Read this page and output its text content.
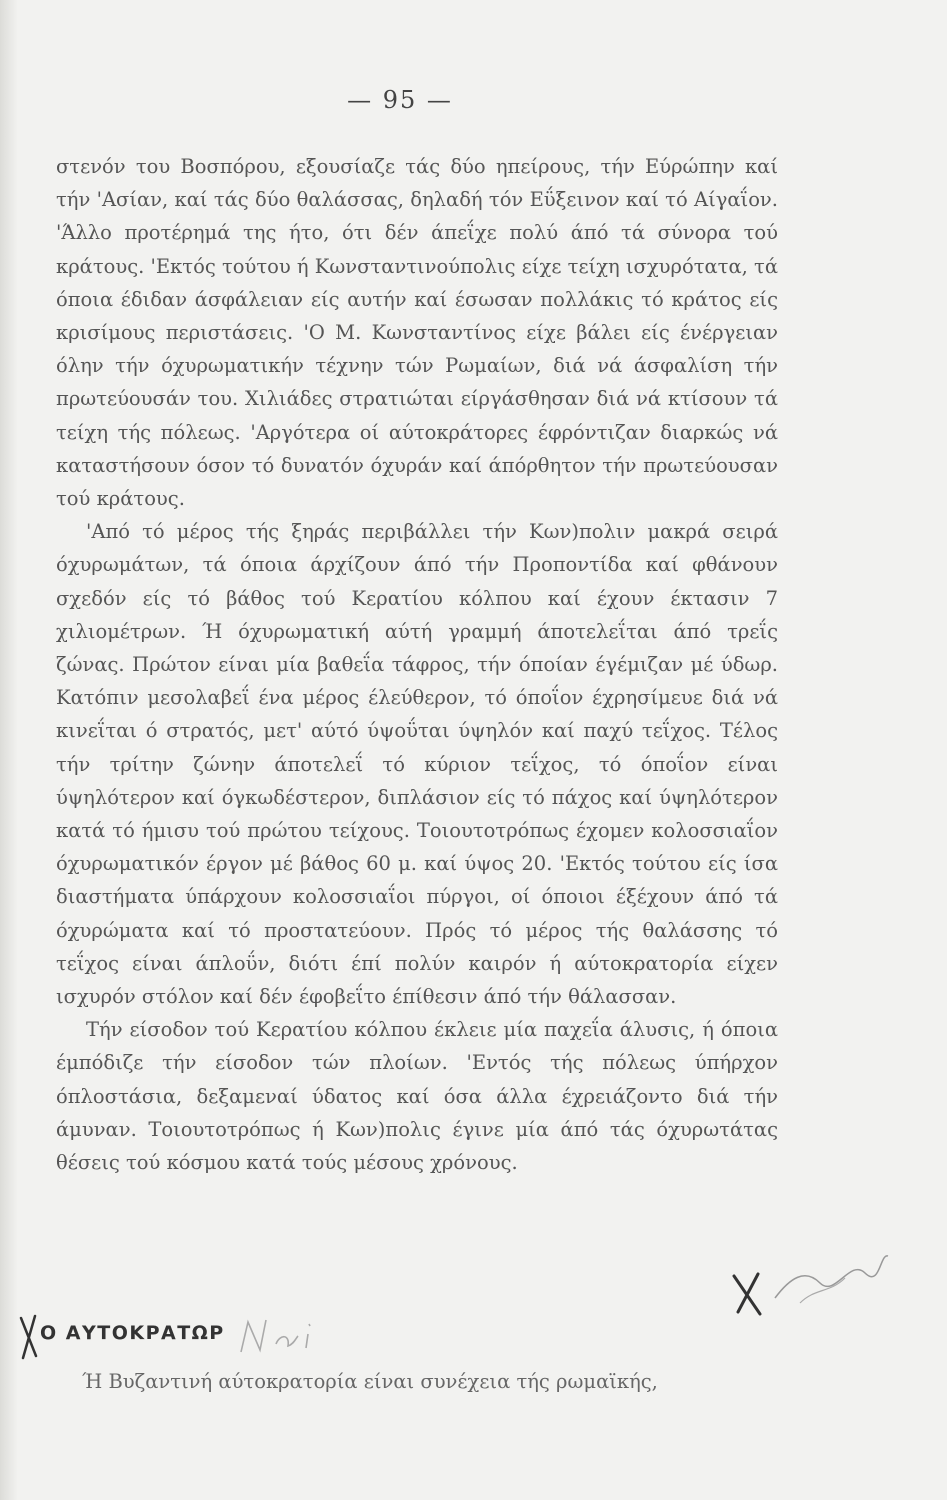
— 95 —

στενόν του Βοσπόρου, εξουσίαζε τάς δύο ηπείρους, τήν Εύρώπην καί τήν 'Ασίαν, καί τάς δύο θαλάσσας, δηλαδή τόν Εΰξεινον καί τό Αίγαΐον. 'Άλλο προτέρημά της ήτο, ότι δέν άπεΐχε πολύ άπό τά σύνορα τού κράτους. 'Εκτός τούτου ή Κωνσταντινούπολις είχε τείχη ισχυρότατα, τά όποια έδιδαν άσφάλειαν είς αυτήν καί έσωσαν πολλάκις τό κράτος είς κρισίμους περιστάσεις. 'Ο Μ. Κωνσταντίνος είχε βάλει είς ένέργειαν όλην τήν όχυρωματικήν τέχνην τών Ρωμαίων, διά νά άσφαλίση τήν πρωτεύουσάν του. Χιλιάδες στρατιώται είργάσθησαν διά νά κτίσουν τά τείχη τής πόλεως. 'Αργότερα οί αύτοκράτορες έφρόντιζαν διαρκώς νά καταστήσουν όσον τό δυνατόν όχυράν καί άπόρθητον τήν πρωτεύουσαν τού κράτους.

'Από τό μέρος τής ξηράς περιβάλλει τήν Κων)πολιν μακρά σειρά όχυρωμάτων, τά όποια άρχίζουν άπό τήν Προποντίδα καί φθάνουν σχεδόν είς τό βάθος τού Κερατίου κόλπου καί έχουν έκτασιν 7 χιλιομέτρων. Ή όχυρωματική αύτή γραμμή άποτελεΐται άπό τρεΐς ζώνας. Πρώτον είναι μία βαθεΐα τάφρος, τήν όποίαν έγέμιζαν μέ ύδωρ. Κατόπιν μεσολαβεΐ ένα μέρος έλεύθερον, τό όποΐον έχρησίμευε διά νά κινεΐται ό στρατός, μετ' αύτό ύψοΰται ύψηλόν καί παχύ τεΐχος. Τέλος τήν τρίτην ζώνην άποτελεΐ τό κύριον τεΐχος, τό όποΐον είναι ύψηλότερον καί όγκωδέστερον, διπλάσιον είς τό πάχος καί ύψηλότερον κατά τό ήμισυ τού πρώτου τείχους. Τοιουτοτρόπως έχομεν κολοσσιαΐον όχυρωματικόν έργον μέ βάθος 60 μ. καί ύψος 20. 'Εκτός τούτου είς ίσα διαστήματα ύπάρχουν κολοσσιαΐοι πύργοι, οί όποιοι έξέχουν άπό τά όχυρώματα καί τό προστατεύουν. Πρός τό μέρος τής θαλάσσης τό τεΐχος είναι άπλοΰν, διότι έπί πολύν καιρόν ή αύτοκρατορία είχεν ισχυρόν στόλον καί δέν έφοβεΐτο έπίθεσιν άπό τήν θάλασσαν.

Τήν είσοδον τού Κερατίου κόλπου έκλειε μία παχεΐα άλυσις, ή όποια έμπόδιζε τήν είσοδον τών πλοίων. 'Εντός τής πόλεως ύπήρχον όπλοστάσια, δεξαμεναί ύδατος καί όσα άλλα έχρειάζοντο διά τήν άμυναν. Τοιουτοτρόπως ή Κων)πολις έγινε μία άπό τάς όχυρωτάτας θέσεις τού κόσμου κατά τούς μέσους χρόνους.

Ο ΑΥΤΟΚΡΑΤΩΡ
Ή Βυζαντινή αύτοκρατορία είναι συνέχεια τής ρωμαϊκής,
